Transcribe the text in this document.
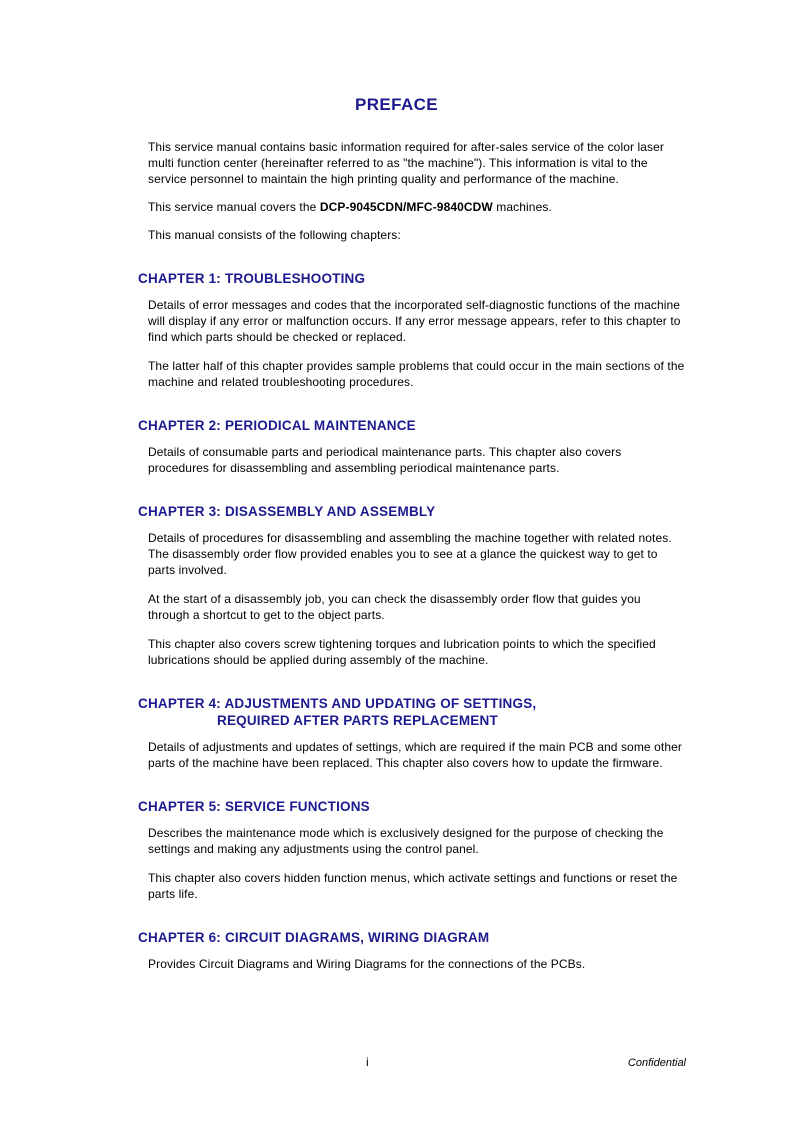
PREFACE

This service manual contains basic information required for after-sales service of the color laser multi function center (hereinafter referred to as "the machine"). This information is vital to the service personnel to maintain the high printing quality and performance of the machine.

This service manual covers the DCP-9045CDN/MFC-9840CDW machines.

This manual consists of the following chapters:

CHAPTER 1: TROUBLESHOOTING

Details of error messages and codes that the incorporated self-diagnostic functions of the machine will display if any error or malfunction occurs. If any error message appears, refer to this chapter to find which parts should be checked or replaced.

The latter half of this chapter provides sample problems that could occur in the main sections of the machine and related troubleshooting procedures.

CHAPTER 2: PERIODICAL MAINTENANCE

Details of consumable parts and periodical maintenance parts. This chapter also covers procedures for disassembling and assembling periodical maintenance parts.

CHAPTER 3: DISASSEMBLY AND ASSEMBLY

Details of procedures for disassembling and assembling the machine together with related notes. The disassembly order flow provided enables you to see at a glance the quickest way to get to parts involved.

At the start of a disassembly job, you can check the disassembly order flow that guides you through a shortcut to get to the object parts.

This chapter also covers screw tightening torques and lubrication points to which the specified lubrications should be applied during assembly of the machine.

CHAPTER 4: ADJUSTMENTS AND UPDATING OF SETTINGS,
REQUIRED AFTER PARTS REPLACEMENT

Details of adjustments and updates of settings, which are required if the main PCB and some other parts of the machine have been replaced. This chapter also covers how to update the firmware.

CHAPTER 5: SERVICE FUNCTIONS

Describes the maintenance mode which is exclusively designed for the purpose of checking the settings and making any adjustments using the control panel.

This chapter also covers hidden function menus, which activate settings and functions or reset the parts life.

CHAPTER 6: CIRCUIT DIAGRAMS, WIRING DIAGRAM

Provides Circuit Diagrams and Wiring Diagrams for the connections of the PCBs.

i	Confidential
